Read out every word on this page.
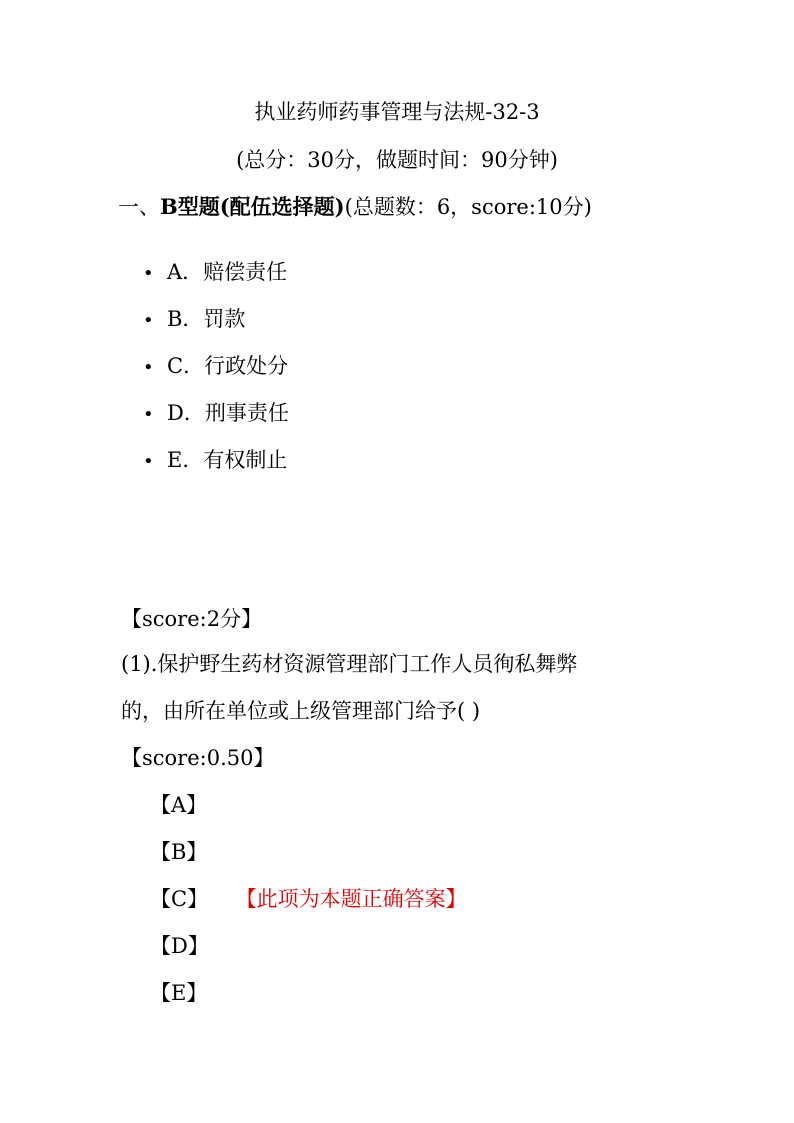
执业药师药事管理与法规-32-3
(总分：30分，做题时间：90分钟)
一、B型题(配伍选择题)(总题数：6，score:10分)
• A．赔偿责任
• B．罚款
• C．行政处分
• D．刑事责任
• E．有权制止
【score:2分】
(1).保护野生药材资源管理部门工作人员徇私舞弊
的，由所在单位或上级管理部门给予( )
【score:0.50】
【A】
【B】
【C】 【此项为本题正确答案】
【D】
【E】
